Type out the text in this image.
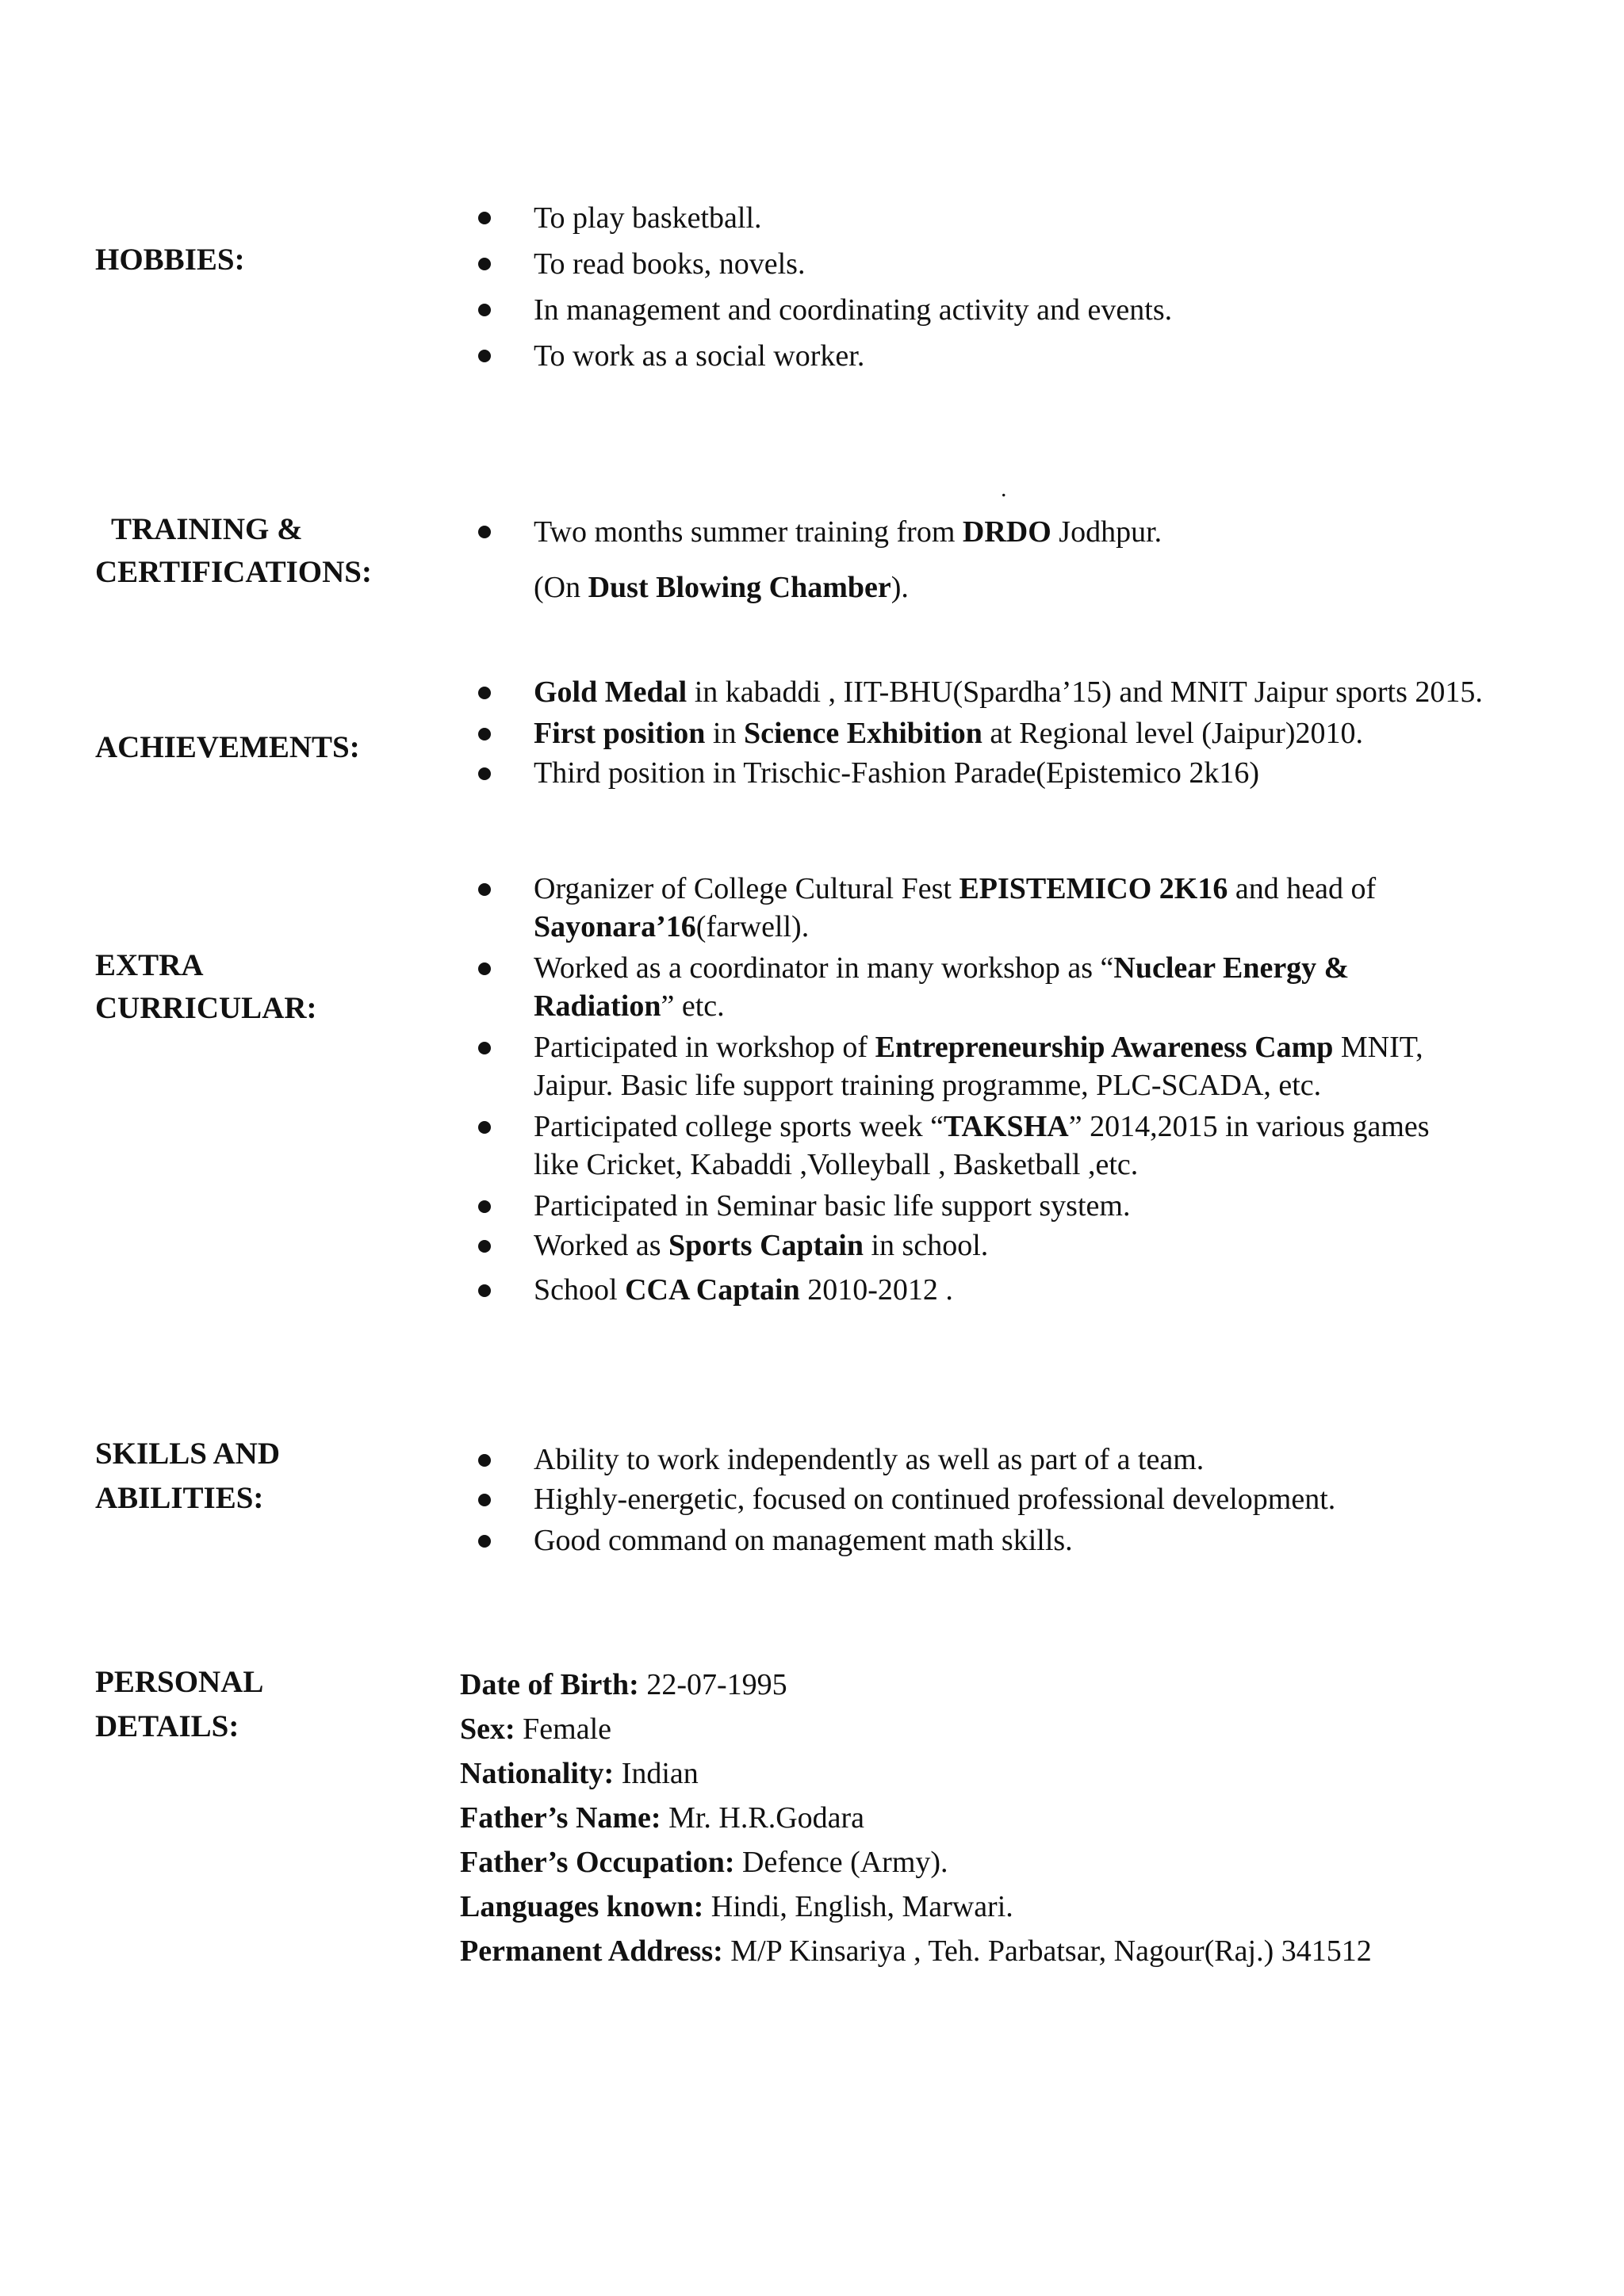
HOBBIES:
To play basketball.
To read books, novels.
In management and coordinating activity and events.
To work as a social worker.
.
TRAINING &
CERTIFICATIONS:
Two months summer training from DRDO Jodhpur.
(On Dust Blowing Chamber).
ACHIEVEMENTS:
Gold Medal in kabaddi , IIT-BHU(Spardha’15) and MNIT Jaipur sports 2015.
First position in Science Exhibition at Regional level (Jaipur)2010.
Third position in Trischic-Fashion Parade(Epistemico 2k16)
EXTRA
CURRICULAR:
Organizer of College Cultural Fest EPISTEMICO 2K16 and head of
Sayonara’16(farwell).
Worked as a coordinator in many workshop as “Nuclear Energy &
Radiation” etc.
Participated in workshop of Entrepreneurship Awareness Camp MNIT,
Jaipur. Basic life support training programme, PLC-SCADA, etc.
Participated college sports week “TAKSHA” 2014,2015 in various games
like Cricket, Kabaddi ,Volleyball , Basketball ,etc.
Participated in Seminar basic life support system.
Worked as Sports Captain in school.
School CCA Captain 2010-2012 .
SKILLS AND
ABILITIES:
Ability to work independently as well as part of a team.
Highly-energetic, focused on continued professional development.
Good command on management math skills.
PERSONAL
DETAILS:
Date of Birth: 22-07-1995
Sex: Female
Nationality: Indian
Father’s Name: Mr. H.R.Godara
Father’s Occupation: Defence (Army).
Languages known: Hindi, English, Marwari.
Permanent Address: M/P Kinsariya , Teh. Parbatsar, Nagour(Raj.) 341512
